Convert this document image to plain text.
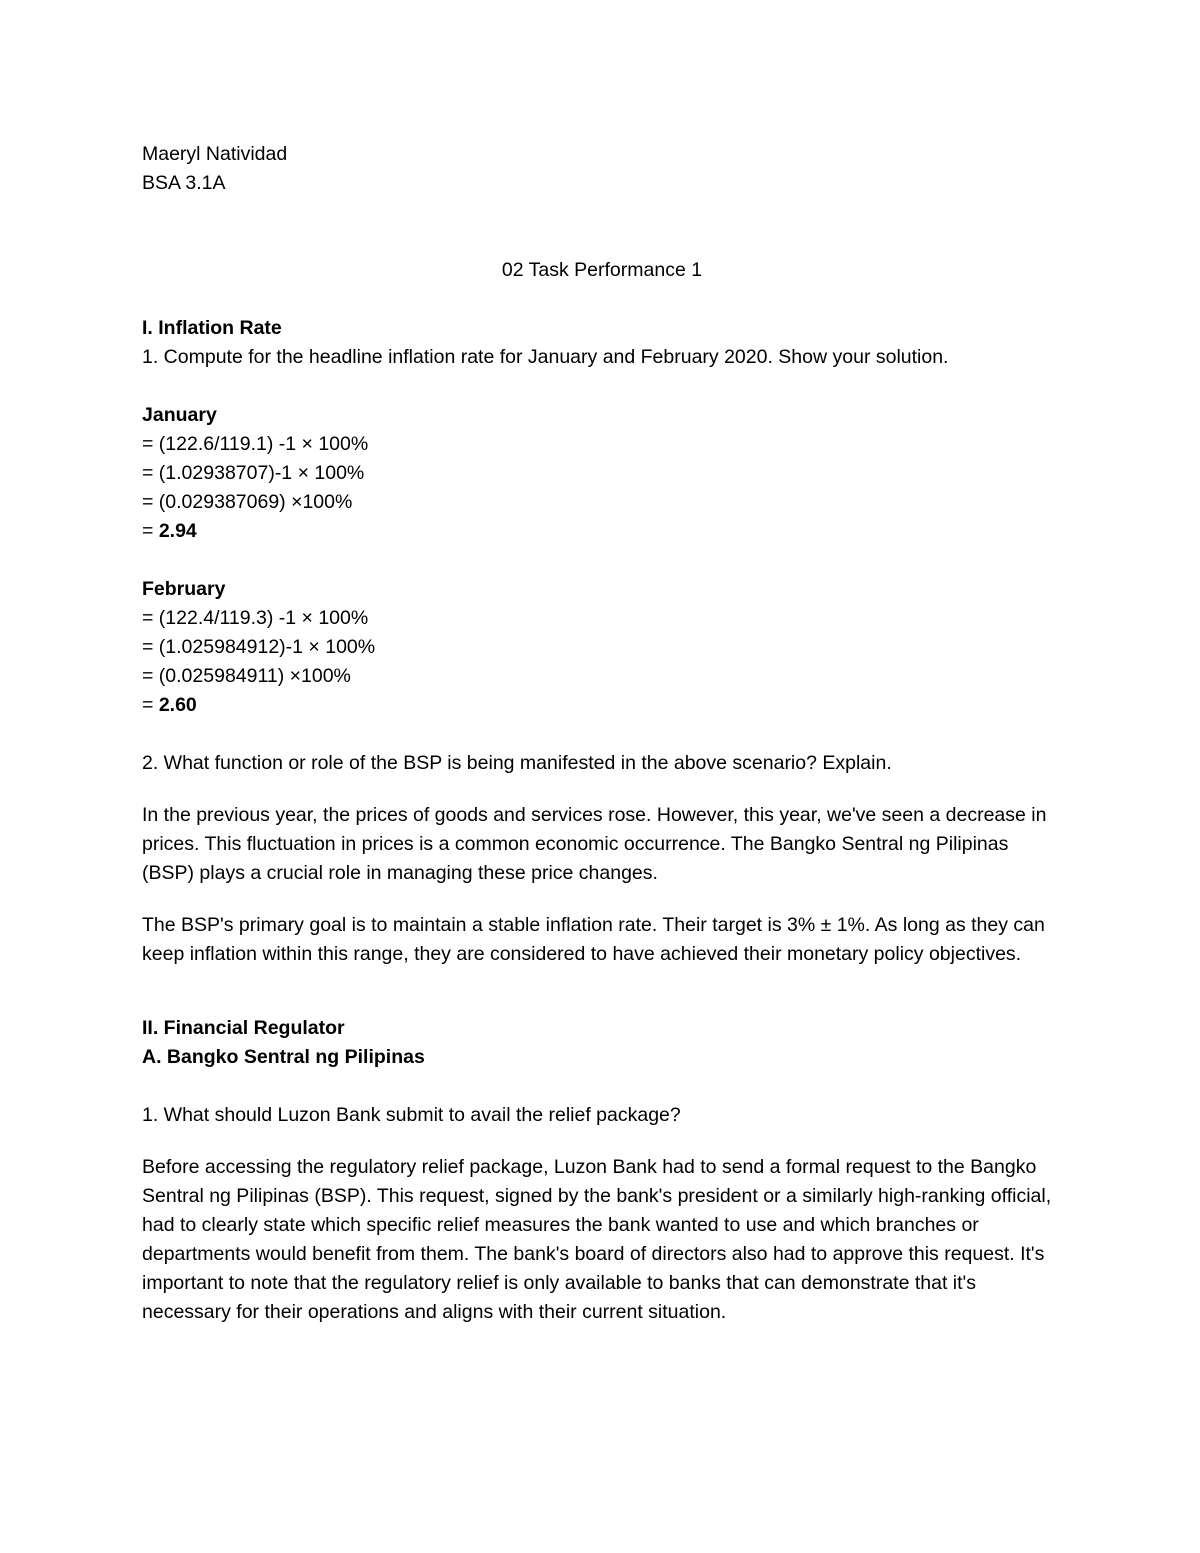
Maeryl Natividad
BSA 3.1A
02 Task Performance 1
I. Inflation Rate
1. Compute for the headline inflation rate for January and February 2020. Show your solution.
January
= (122.6/119.1) -1 × 100%
= (1.02938707)-1 × 100%
= (0.029387069) ×100%
= 2.94
February
= (122.4/119.3) -1 × 100%
= (1.025984912)-1 × 100%
= (0.025984911) ×100%
= 2.60
2. What function or role of the BSP is being manifested in the above scenario? Explain.

In the previous year, the prices of goods and services rose. However, this year, we've seen a decrease in prices. This fluctuation in prices is a common economic occurrence. The Bangko Sentral ng Pilipinas (BSP) plays a crucial role in managing these price changes.

The BSP's primary goal is to maintain a stable inflation rate. Their target is 3% ± 1%. As long as they can keep inflation within this range, they are considered to have achieved their monetary policy objectives.

II. Financial Regulator
A. Bangko Sentral ng Pilipinas
1. What should Luzon Bank submit to avail the relief package?

Before accessing the regulatory relief package, Luzon Bank had to send a formal request to the Bangko Sentral ng Pilipinas (BSP). This request, signed by the bank's president or a similarly high-ranking official, had to clearly state which specific relief measures the bank wanted to use and which branches or departments would benefit from them. The bank's board of directors also had to approve this request. It's important to note that the regulatory relief is only available to banks that can demonstrate that it's necessary for their operations and aligns with their current situation.
